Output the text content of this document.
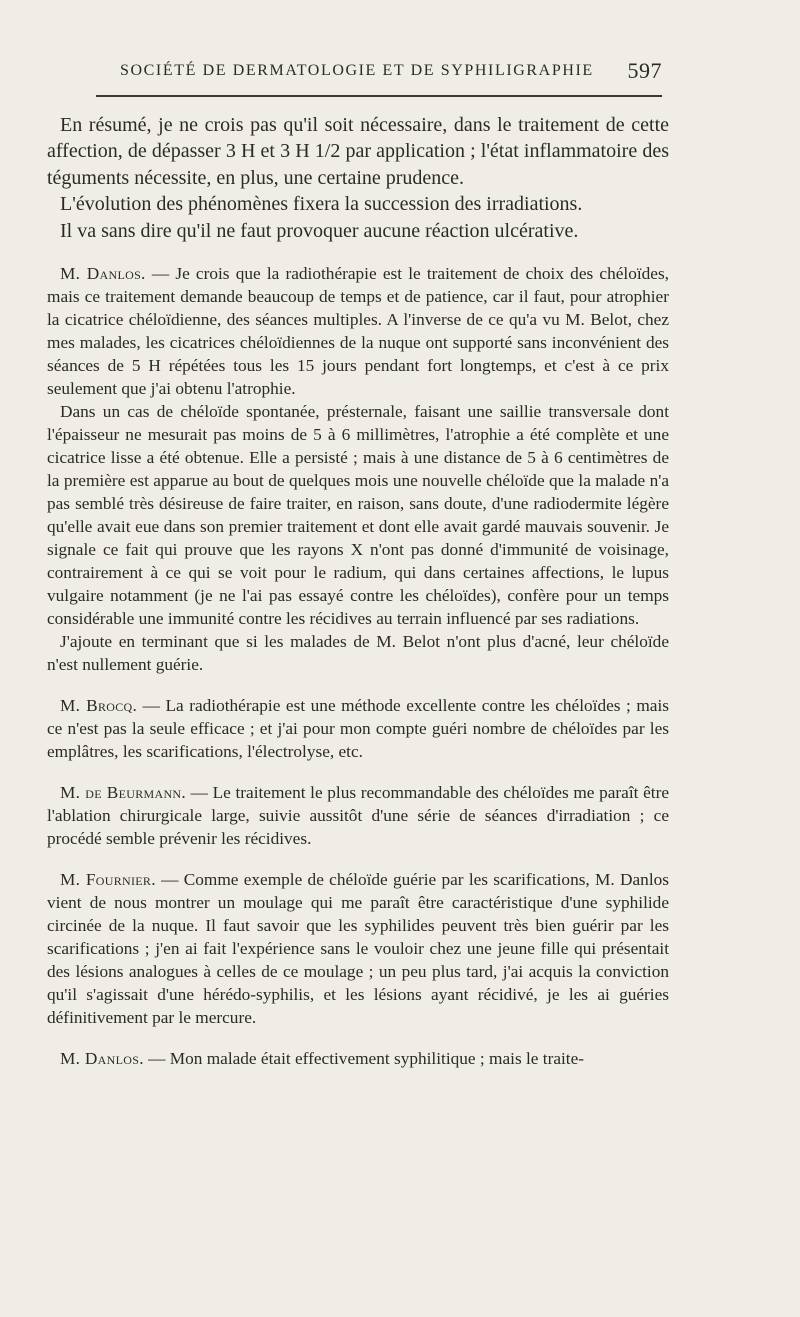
SOCIÉTÉ DE DERMATOLOGIE ET DE SYPHILIGRAPHIE 597

En résumé, je ne crois pas qu'il soit nécessaire, dans le traitement de cette affection, de dépasser 3 H et 3 H 1/2 par application ; l'état inflammatoire des téguments nécessite, en plus, une certaine prudence.

L'évolution des phénomènes fixera la succession des irradiations.

Il va sans dire qu'il ne faut provoquer aucune réaction ulcérative.

M. Danlos. — Je crois que la radiothérapie est le traitement de choix des chéloïdes, mais ce traitement demande beaucoup de temps et de patience, car il faut, pour atrophier la cicatrice chéloïdienne, des séances multiples. A l'inverse de ce qu'a vu M. Belot, chez mes malades, les cicatrices chéloïdiennes de la nuque ont supporté sans inconvénient des séances de 5 H répétées tous les 15 jours pendant fort longtemps, et c'est à ce prix seulement que j'ai obtenu l'atrophie.

Dans un cas de chéloïde spontanée, présternale, faisant une saillie transversale dont l'épaisseur ne mesurait pas moins de 5 à 6 millimètres, l'atrophie a été complète et une cicatrice lisse a été obtenue. Elle a persisté ; mais à une distance de 5 à 6 centimètres de la première est apparue au bout de quelques mois une nouvelle chéloïde que la malade n'a pas semblé très désireuse de faire traiter, en raison, sans doute, d'une radiodermite légère qu'elle avait eue dans son premier traitement et dont elle avait gardé mauvais souvenir. Je signale ce fait qui prouve que les rayons X n'ont pas donné d'immunité de voisinage, contrairement à ce qui se voit pour le radium, qui dans certaines affections, le lupus vulgaire notamment (je ne l'ai pas essayé contre les chéloïdes), confère pour un temps considérable une immunité contre les récidives au terrain influencé par ses radiations.

J'ajoute en terminant que si les malades de M. Belot n'ont plus d'acné, leur chéloïde n'est nullement guérie.

M. Brocq. — La radiothérapie est une méthode excellente contre les chéloïdes ; mais ce n'est pas la seule efficace ; et j'ai pour mon compte guéri nombre de chéloïdes par les emplâtres, les scarifications, l'électrolyse, etc.

M. de Beurmann. — Le traitement le plus recommandable des chéloïdes me paraît être l'ablation chirurgicale large, suivie aussitôt d'une série de séances d'irradiation ; ce procédé semble prévenir les récidives.

M. Fournier. — Comme exemple de chéloïde guérie par les scarifications, M. Danlos vient de nous montrer un moulage qui me paraît être caractéristique d'une syphilide circinée de la nuque. Il faut savoir que les syphilides peuvent très bien guérir par les scarifications ; j'en ai fait l'expérience sans le vouloir chez une jeune fille qui présentait des lésions analogues à celles de ce moulage ; un peu plus tard, j'ai acquis la conviction qu'il s'agissait d'une hérédo-syphilis, et les lésions ayant récidivé, je les ai guéries définitivement par le mercure.

M. Danlos. — Mon malade était effectivement syphilitique ; mais le traite-
